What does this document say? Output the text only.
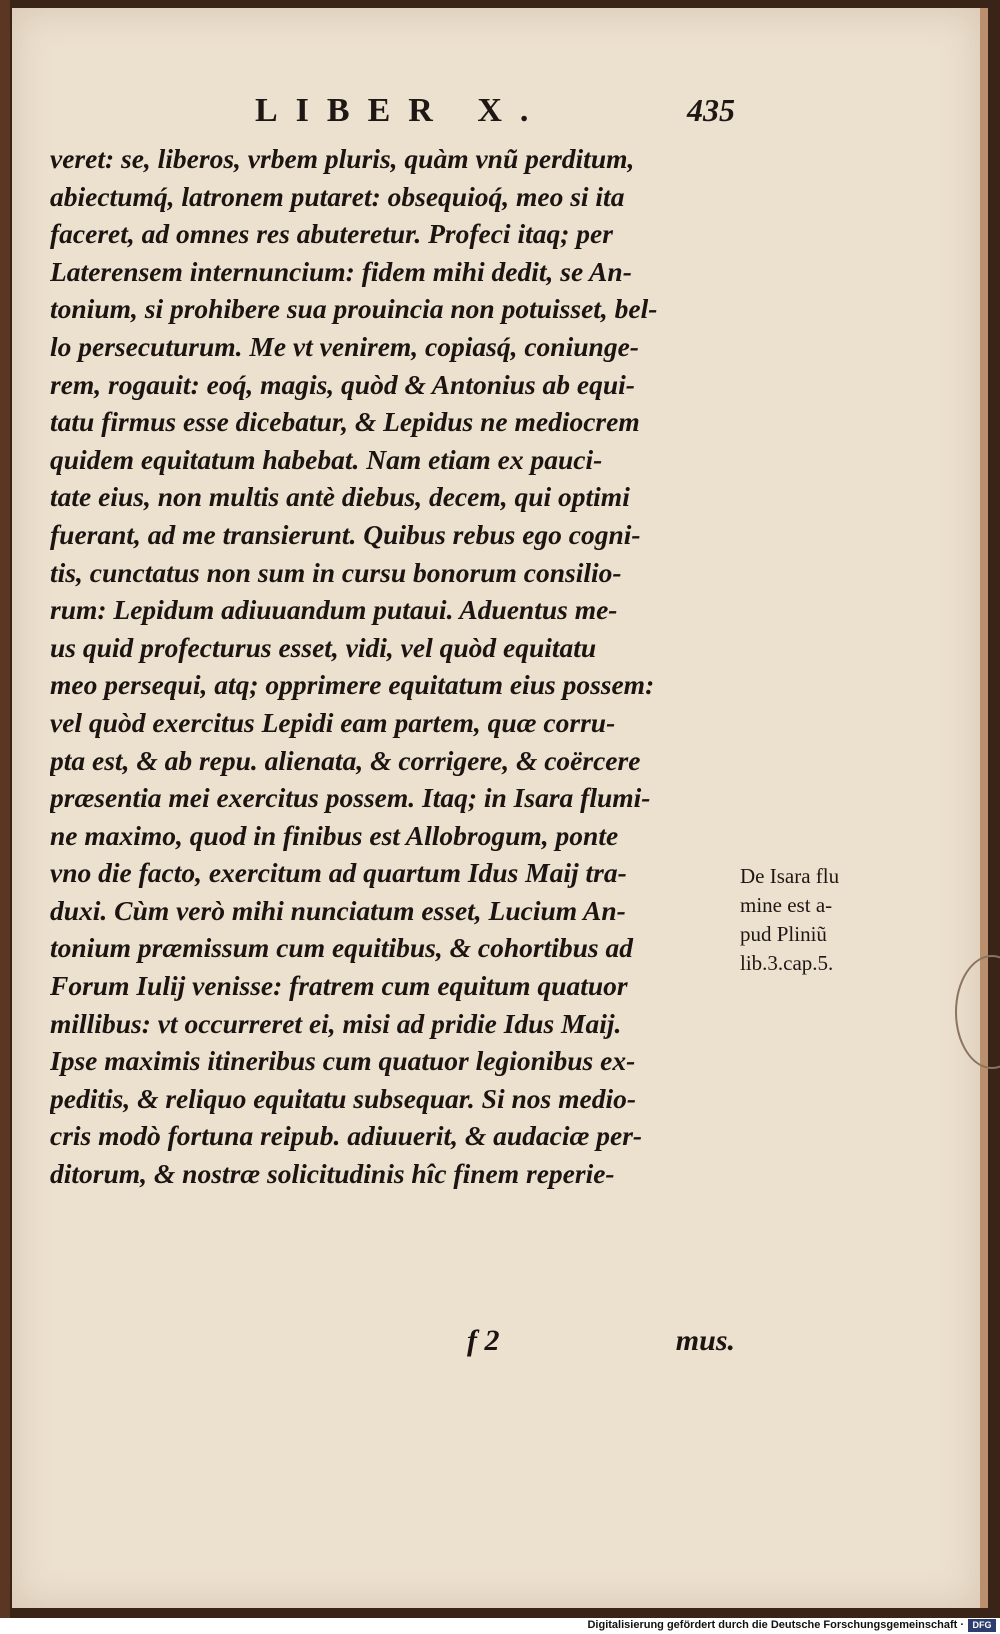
LIBER X.	435
veret: se, liberos, vrbem pluris, quàm vnũ perditum,
abiectumq́, latronem putaret: obsequioq́, meo si ita
faceret, ad omnes res abuteretur. Profeci itaq; per
Laterensem internuncium: fidem mihi dedit, se An-
tonium, si prohibere sua prouincia non potuisset, bel-
lo persecuturum. Me vt venirem, copiasq́, coniunge-
rem, rogauit: eoq́, magis, quòd & Antonius ab equi-
tatu firmus esse dicebatur, & Lepidus ne mediocrem
quidem equitatum habebat. Nam etiam ex pauci-
tate eius, non multis antè diebus, decem, qui optimi
fuerant, ad me transierunt. Quibus rebus ego cogni-
tis, cunctatus non sum in cursu bonorum consilio-
rum: Lepidum adiuuandum putaui. Aduentus me-
us quid profecturus esset, vidi, vel quòd equitatu
meo persequi, atq; opprimere equitatum eius possem:
vel quòd exercitus Lepidi eam partem, quæ corru-
pta est, & ab repu. alienata, & corrigere, & coërcere
præsentia mei exercitus possem. Itaq; in Isara flumi-
ne maximo, quod in finibus est Allobrogum, ponte
vno die facto, exercitum ad quartum Idus Maij tra-
duxi. Cùm verò mihi nunciatum esset, Lucium An-
tonium præmissum cum equitibus, & cohortibus ad
Forum Iulij venisse: fratrem cum equitum quatuor
millibus: vt occurreret ei, misi ad pridie Idus Maij.
Ipse maximis itineribus cum quatuor legionibus ex-
peditis, & reliquo equitatu subsequar. Si nos medio-
cris modò fortuna reipub. adiuuerit, & audaciæ per-
ditorum, & nostræ solicitudinis hîc finem reperie-
f 2	mus.
De Isara flu
mine est a-
pud Pliniũ
lib.3.cap.5.
Digitalisierung gefördert durch die Deutsche Forschungsgemeinschaft · DFG
